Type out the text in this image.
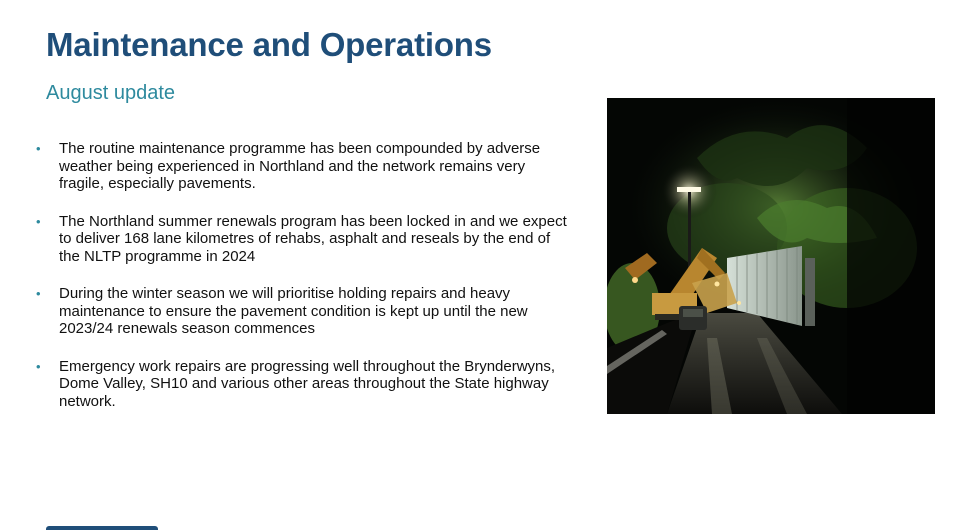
Maintenance and Operations
August update
• The routine maintenance programme has been compounded by adverse weather being experienced in Northland and the network remains very fragile, especially pavements.
• The Northland summer renewals program has been locked in and we expect to deliver 168 lane kilometres of rehabs, asphalt and reseals by the end of the NLTP programme in 2024
• During the winter season we will prioritise holding repairs and heavy maintenance to ensure the pavement condition is kept up until the new 2023/24 renewals season commences
• Emergency work repairs are progressing well throughout the Brynderwyns, Dome Valley, SH10 and various other areas throughout the State highway network.
